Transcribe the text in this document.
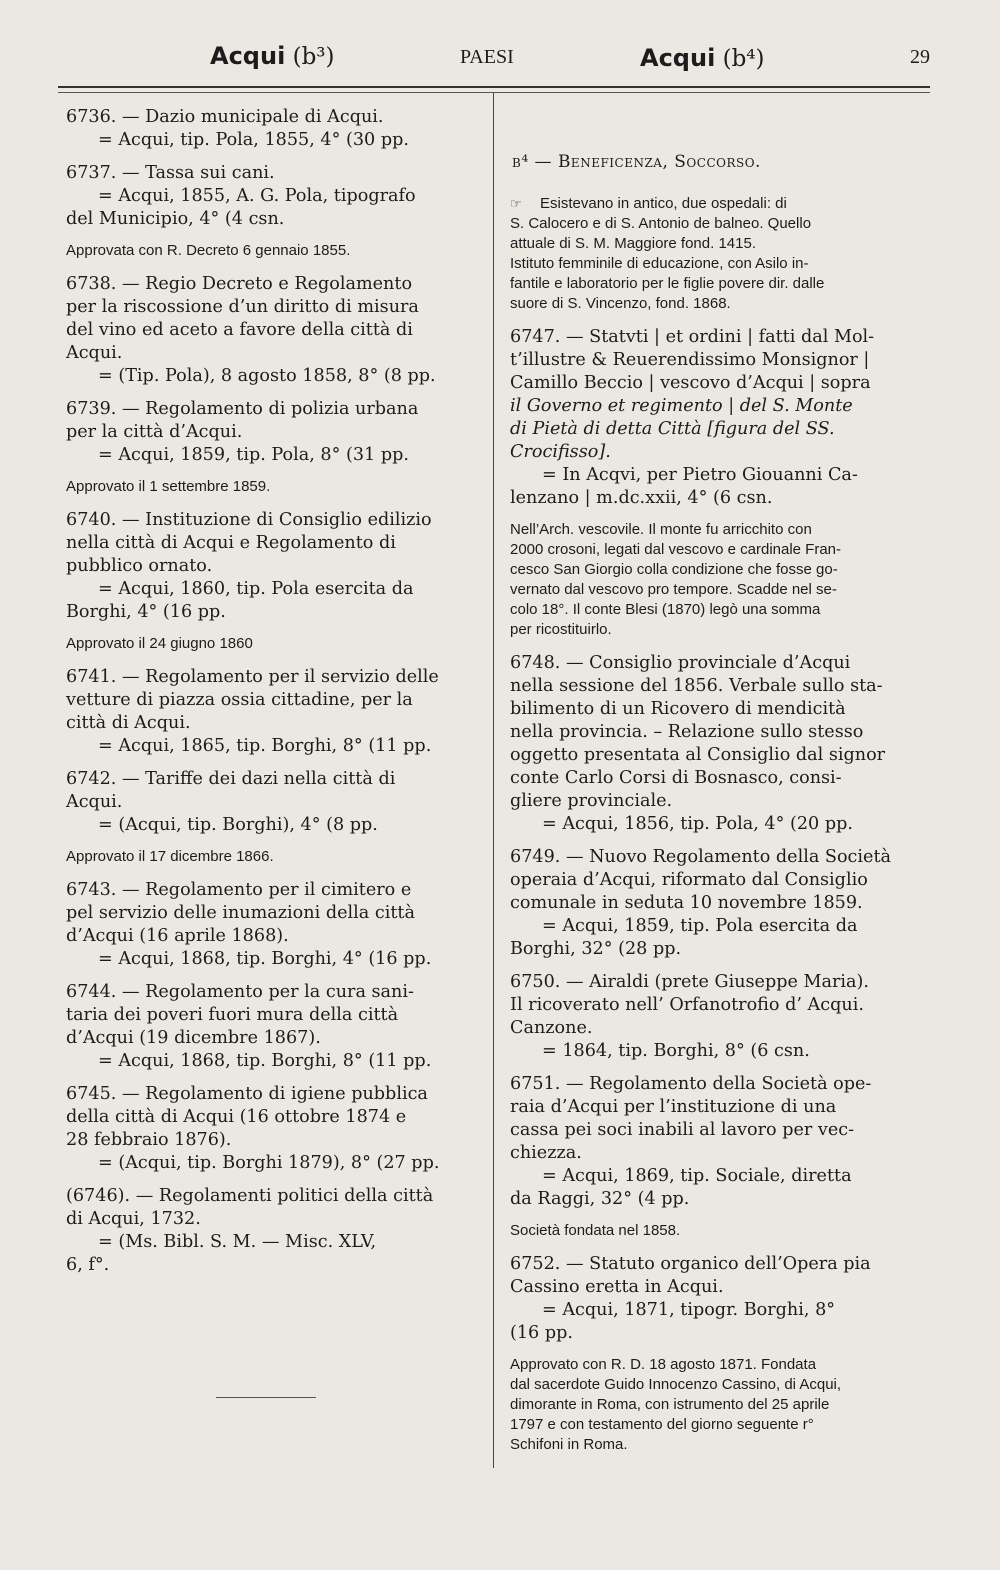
Acqui (b³)	PAESI	Acqui (b⁴)	29
6736. — Dazio municipale di Acqui.
= Acqui, tip. Pola, 1855, 4° (30 pp.
6737. — Tassa sui cani.
= Acqui, 1855, A. G. Pola, tipografo
del Municipio, 4° (4 csn.
Approvata con R. Decreto 6 gennaio 1855.
6738. — Regio Decreto e Regolamento
per la riscossione d’un diritto di misura
del vino ed aceto a favore della città di
Acqui.
= (Tip. Pola), 8 agosto 1858, 8° (8 pp.
6739. — Regolamento di polizia urbana
per la città d’Acqui.
= Acqui, 1859, tip. Pola, 8° (31 pp.
Approvato il 1 settembre 1859.
6740. — Instituzione di Consiglio edilizio
nella città di Acqui e Regolamento di
pubblico ornato.
= Acqui, 1860, tip. Pola esercita da
Borghi, 4° (16 pp.
Approvato il 24 giugno 1860
6741. — Regolamento per il servizio delle
vetture di piazza ossia cittadine, per la
città di Acqui.
= Acqui, 1865, tip. Borghi, 8° (11 pp.
6742. — Tariffe dei dazi nella città di
Acqui.
= (Acqui, tip. Borghi), 4° (8 pp.
Approvato il 17 dicembre 1866.
6743. — Regolamento per il cimitero e
pel servizio delle inumazioni della città
d’Acqui (16 aprile 1868).
= Acqui, 1868, tip. Borghi, 4° (16 pp.
6744. — Regolamento per la cura sani-
taria dei poveri fuori mura della città
d’Acqui (19 dicembre 1867).
= Acqui, 1868, tip. Borghi, 8° (11 pp.
6745. — Regolamento di igiene pubblica
della città di Acqui (16 ottobre 1874 e
28 febbraio 1876).
= (Acqui, tip. Borghi 1879), 8° (27 pp.
(6746). — Regolamenti politici della città
di Acqui, 1732.
= (Ms. Bibl. S. M. — Misc. XLV,
6, f°.
b⁴ — Beneficenza, Soccorso.
☞ Esistevano in antico, due ospedali: di
S. Calocero e di S. Antonio de balneo. Quello
attuale di S. M. Maggiore fond. 1415.
Istituto femminile di educazione, con Asilo in-
fantile e laboratorio per le figlie povere dir. dalle
suore di S. Vincenzo, fond. 1868.
6747. — Statvti | et ordini | fatti dal Mol-
t’illustre & Reuerendissimo Monsignor |
Camillo Beccio | vescovo d’Acqui | sopra
il Governo et regimento | del S. Monte
di Pietà di detta Città [figura del SS.
Crocifisso].
= In Acqvi, per Pietro Giouanni Ca-
lenzano | m.dc.xxii, 4° (6 csn.
Nell’Arch. vescovile. Il monte fu arricchito con
2000 crosoni, legati dal vescovo e cardinale Fran-
cesco San Giorgio colla condizione che fosse go-
vernato dal vescovo pro tempore. Scadde nel se-
colo 18°. Il conte Blesi (1870) legò una somma
per ricostituirlo.
6748. — Consiglio provinciale d’Acqui
nella sessione del 1856. Verbale sullo sta-
bilimento di un Ricovero di mendicità
nella provincia. – Relazione sullo stesso
oggetto presentata al Consiglio dal signor
conte Carlo Corsi di Bosnasco, consi-
gliere provinciale.
= Acqui, 1856, tip. Pola, 4° (20 pp.
6749. — Nuovo Regolamento della Società
operaia d’Acqui, riformato dal Consiglio
comunale in seduta 10 novembre 1859.
= Acqui, 1859, tip. Pola esercita da
Borghi, 32° (28 pp.
6750. — Airaldi (prete Giuseppe Maria).
Il ricoverato nell’ Orfanotrofio d’ Acqui.
Canzone.
= 1864, tip. Borghi, 8° (6 csn.
6751. — Regolamento della Società ope-
raia d’Acqui per l’instituzione di una
cassa pei soci inabili al lavoro per vec-
chiezza.
= Acqui, 1869, tip. Sociale, diretta
da Raggi, 32° (4 pp.
Società fondata nel 1858.
6752. — Statuto organico dell’Opera pia
Cassino eretta in Acqui.
= Acqui, 1871, tipogr. Borghi, 8°
(16 pp.
Approvato con R. D. 18 agosto 1871. Fondata
dal sacerdote Guido Innocenzo Cassino, di Acqui,
dimorante in Roma, con istrumento del 25 aprile
1797 e con testamento del giorno seguente r°
Schifoni in Roma.
